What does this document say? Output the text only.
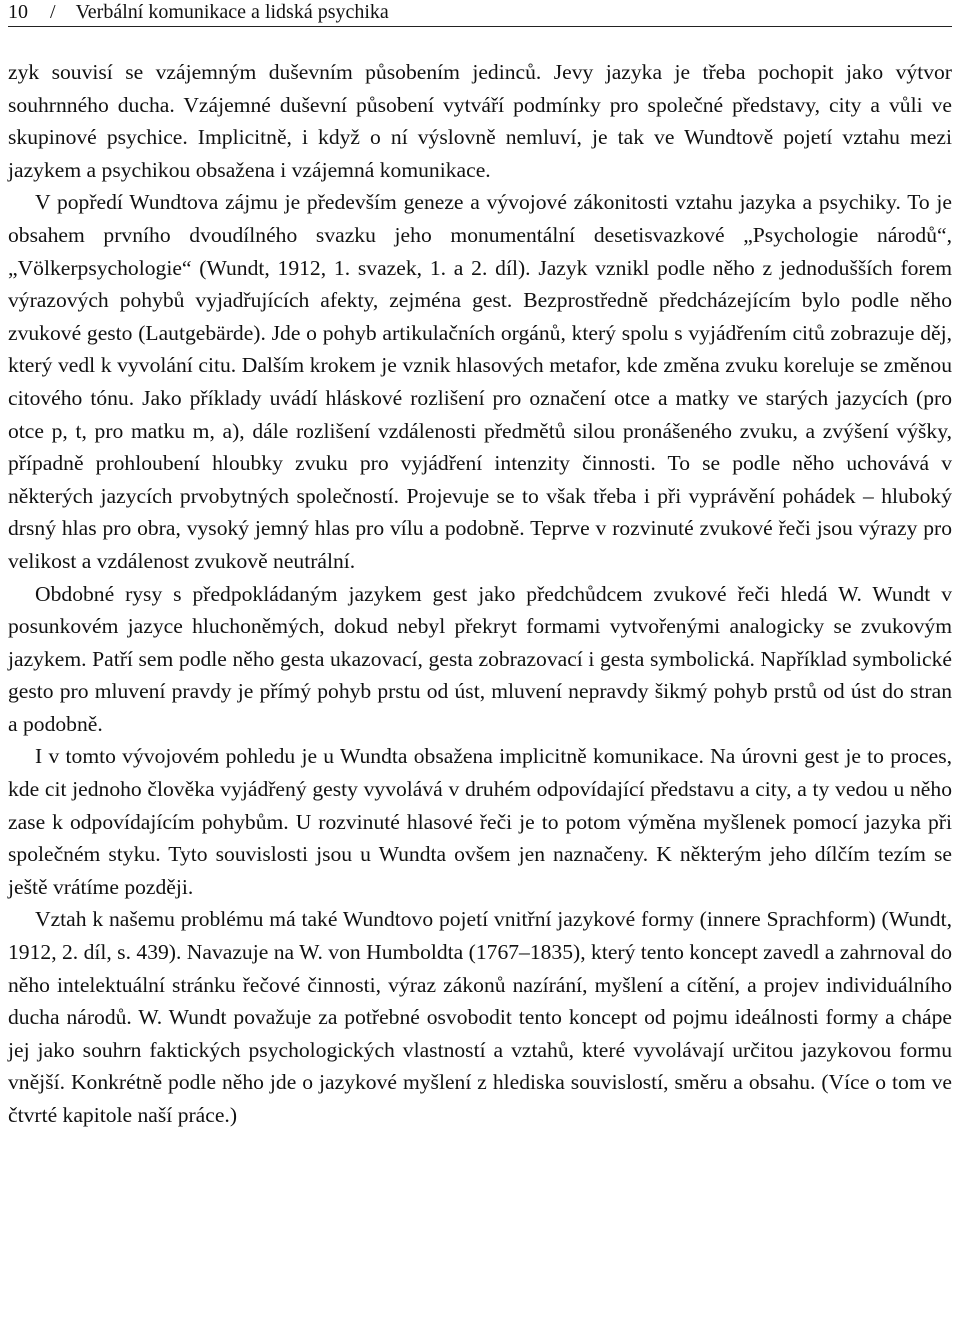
10 / Verbální komunikace a lidská psychika

zyk souvisí se vzájemným duševním působením jedinců. Jevy jazyka je třeba pochopit jako výtvor souhrnného ducha. Vzájemné duševní působení vytváří podmínky pro společné představy, city a vůli ve skupinové psychice. Implicitně, i když o ní výslovně nemluví, je tak ve Wundtově pojetí vztahu mezi jazykem a psychikou obsažena i vzájemná komunikace.

V popředí Wundtova zájmu je především geneze a vývojové zákonitosti vztahu jazyka a psychiky. To je obsahem prvního dvoudílného svazku jeho monumentální desetisvazkové „Psychologie národů“, „Völkerpsychologie“ (Wundt, 1912, 1. svazek, 1. a 2. díl). Jazyk vznikl podle něho z jednodušších forem výrazových pohybů vyjadřujících afekty, zejména gest. Bezprostředně předcházejícím bylo podle něho zvukové gesto (Lautgebärde). Jde o pohyb artikulačních orgánů, který spolu s vyjádřením citů zobrazuje děj, který vedl k vyvolání citu. Dalším krokem je vznik hlasových metafor, kde změna zvuku koreluje se změnou citového tónu. Jako příklady uvádí hláskové rozlišení pro označení otce a matky ve starých jazycích (pro otce p, t, pro matku m, a), dále rozlišení vzdálenosti předmětů silou pronášeného zvuku, a zvýšení výšky, případně prohloubení hloubky zvuku pro vyjádření intenzity činnosti. To se podle něho uchovává v některých jazycích prvobytných společností. Projevuje se to však třeba i při vyprávění pohádek – hluboký drsný hlas pro obra, vysoký jemný hlas pro vílu a podobně. Teprve v rozvinuté zvukové řeči jsou výrazy pro velikost a vzdálenost zvukově neutrální.

Obdobné rysy s předpokládaným jazykem gest jako předchůdcem zvukové řeči hledá W. Wundt v posunkovém jazyce hluchoněmých, dokud nebyl překryt formami vytvořenými analogicky se zvukovým jazykem. Patří sem podle něho gesta ukazovací, gesta zobrazovací i gesta symbolická. Například symbolické gesto pro mluvení pravdy je přímý pohyb prstu od úst, mluvení nepravdy šikmý pohyb prstů od úst do stran a podobně.

I v tomto vývojovém pohledu je u Wundta obsažena implicitně komunikace. Na úrovni gest je to proces, kde cit jednoho člověka vyjádřený gesty vyvolává v druhém odpovídající představu a city, a ty vedou u něho zase k odpovídajícím pohybům. U rozvinuté hlasové řeči je to potom výměna myšlenek pomocí jazyka při společném styku. Tyto souvislosti jsou u Wundta ovšem jen naznačeny. K některým jeho dílčím tezím se ještě vrátíme později.

Vztah k našemu problému má také Wundtovo pojetí vnitřní jazykové formy (innere Sprachform) (Wundt, 1912, 2. díl, s. 439). Navazuje na W. von Humboldta (1767–1835), který tento koncept zavedl a zahrnoval do něho intelektuální stránku řečové činnosti, výraz zákonů nazírání, myšlení a cítění, a projev individuálního ducha národů. W. Wundt považuje za potřebné osvobodit tento koncept od pojmu ideálnosti formy a chápe jej jako souhrn faktických psychologických vlastností a vztahů, které vyvolávají určitou jazykovou formu vnější. Konkrétně podle něho jde o jazykové myšlení z hlediska souvislostí, směru a obsahu. (Více o tom ve čtvrté kapitole naší práce.)
